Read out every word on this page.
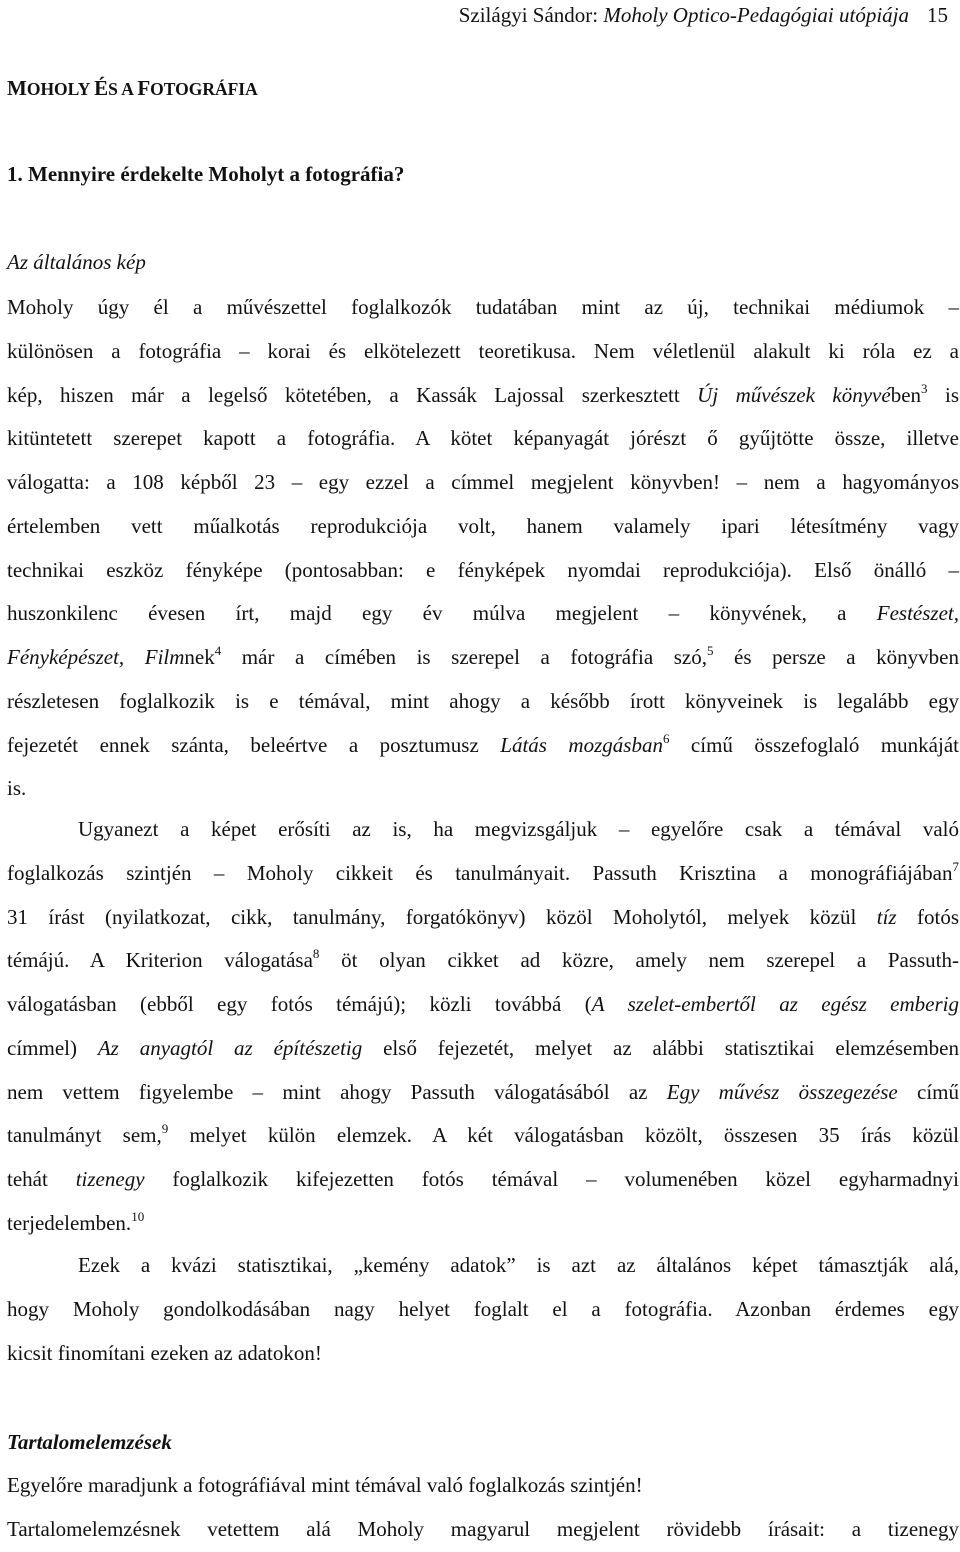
Szilágyi Sándor: Moholy Optico-Pedagógiai utópiája 15
MOHOLY ÉS A FOTOGRÁFIA
1. Mennyire érdekelte Moholyt a fotográfia?
Az általános kép
Moholy úgy él a művészettel foglalkozók tudatában mint az új, technikai médiumok –
különösen a fotográfia – korai és elkötelezett teoretikusa. Nem véletlenül alakult ki róla ez a
kép, hiszen már a legelső kötetében, a Kassák Lajossal szerkesztett Új művészek könyvében$^3$ is
kitüntetett szerepet kapott a fotográfia. A kötet képanyagát jórészt ő gyűjtötte össze, illetve
válogatta: a 108 képből 23 – egy ezzel a címmel megjelent könyvben! – nem a hagyományos
értelemben vett műalkotás reprodukciója volt, hanem valamely ipari létesítmény vagy
technikai eszköz fényképe (pontosabban: e fényképek nyomdai reprodukciója). Első önálló –
huszonkilenc évesen írt, majd egy év múlva megjelent – könyvének, a Festészet,
Fényképészet, Filmnek$^4$ már a címében is szerepel a fotográfia szó,$^5$ és persze a könyvben
részletesen foglalkozik is e témával, mint ahogy a később írott könyveinek is legalább egy
fejezetét ennek szánta, beleértve a posztumusz Látás mozgásban$^6$ című összefoglaló munkáját
is.
Ugyanezt a képet erősíti az is, ha megvizsgáljuk – egyelőre csak a témával való
foglalkozás szintjén – Moholy cikkeit és tanulmányait. Passuth Krisztina a monográfiájában$^7$
31 írást (nyilatkozat, cikk, tanulmány, forgatókönyv) közöl Moholytól, melyek közül tíz fotós
témájú. A Kriterion válogatása$^8$ öt olyan cikket ad közre, amely nem szerepel a Passuth-
válogatásban (ebből egy fotós témájú); közli továbbá (A szelet-embertől az egész emberig
címmel) Az anyagtól az építészetig első fejezetét, melyet az alábbi statisztikai elemzésemben
nem vettem figyelembe – mint ahogy Passuth válogatásából az Egy művész összegezése című
tanulmányt sem,$^9$ melyet külön elemzek. A két válogatásban közölt, összesen 35 írás közül
tehát tizenegy foglalkozik kifejezetten fotós témával – volumenében közel egyharmadnyi
terjedelemben.$^{10}$
Ezek a kvázi statisztikai, „kemény adatok” is azt az általános képet támasztják alá,
hogy Moholy gondolkodásában nagy helyet foglalt el a fotográfia. Azonban érdemes egy
kicsit finomítani ezeken az adatokon!
Tartalomelemzések
Egyelőre maradjunk a fotográfiával mint témával való foglalkozás szintjén!
Tartalomelemzésnek vetettem alá Moholy magyarul megjelent rövidebb írásait: a tizenegy
